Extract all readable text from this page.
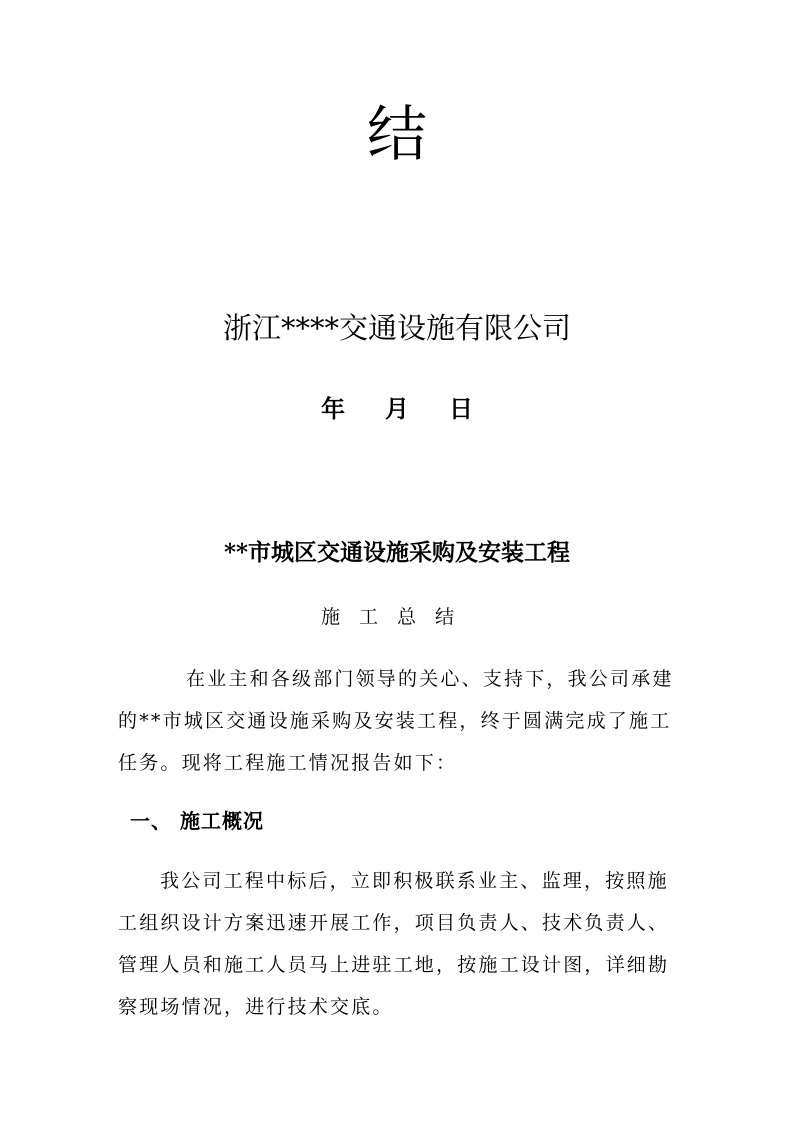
结
浙江****交通设施有限公司
年 月 日
**市城区交通设施采购及安装工程
施工总结
在业主和各级部门领导的关心、支持下，我公司承建的**市城区交通设施采购及安装工程，终于圆满完成了施工任务。现将工程施工情况报告如下：
一、 施工概况
我公司工程中标后，立即积极联系业主、监理，按照施工组织设计方案迅速开展工作，项目负责人、技术负责人、管理人员和施工人员马上进驻工地，按施工设计图，详细勘察现场情况，进行技术交底。
